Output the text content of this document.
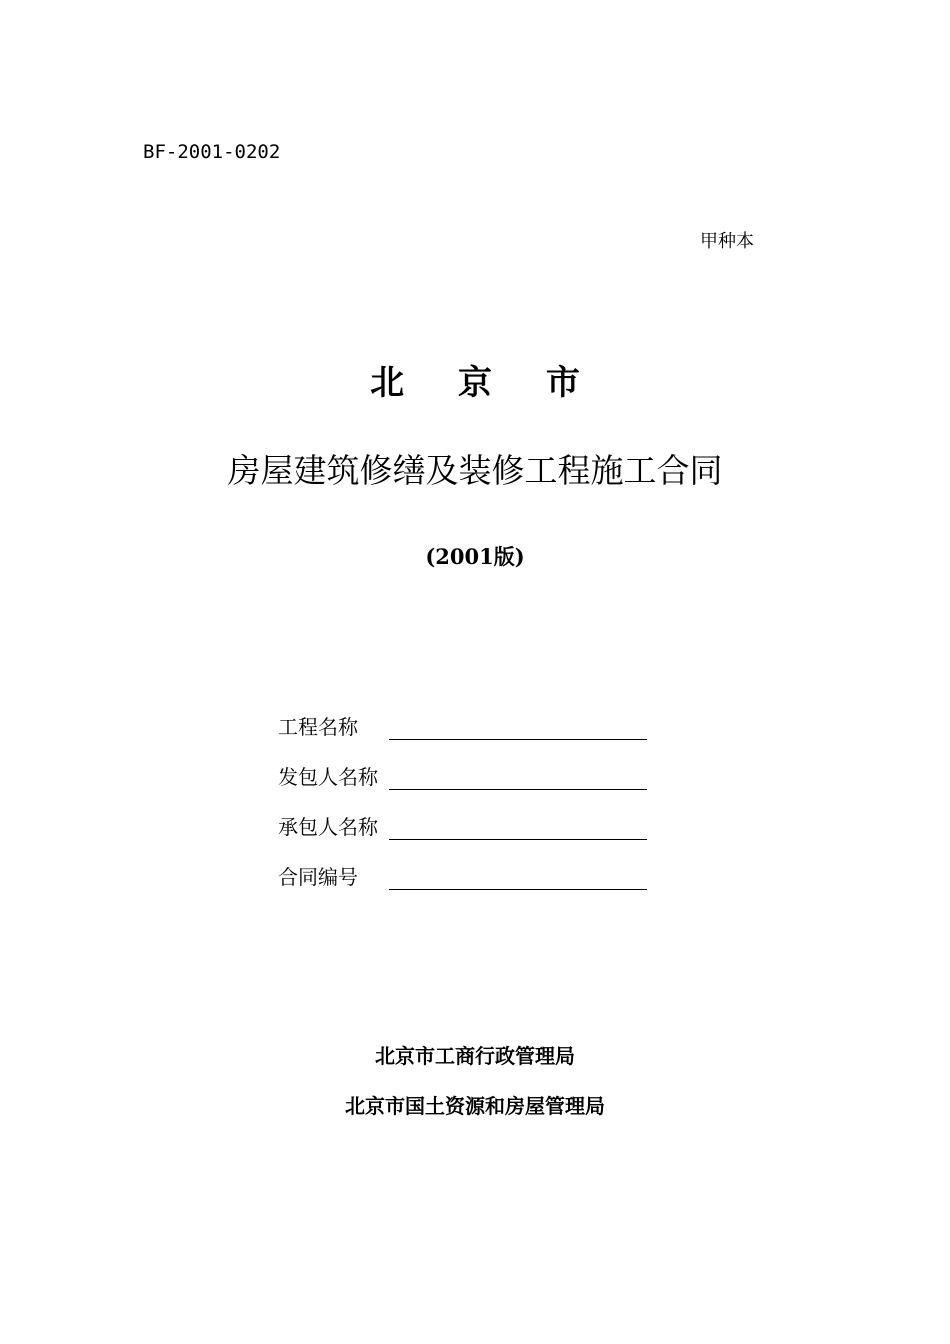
BF-2001-0202
甲种本
北 京 市
房屋建筑修缮及装修工程施工合同
(2001版)
工程名称
发包人名称
承包人名称
合同编号
北京市工商行政管理局
北京市国土资源和房屋管理局
